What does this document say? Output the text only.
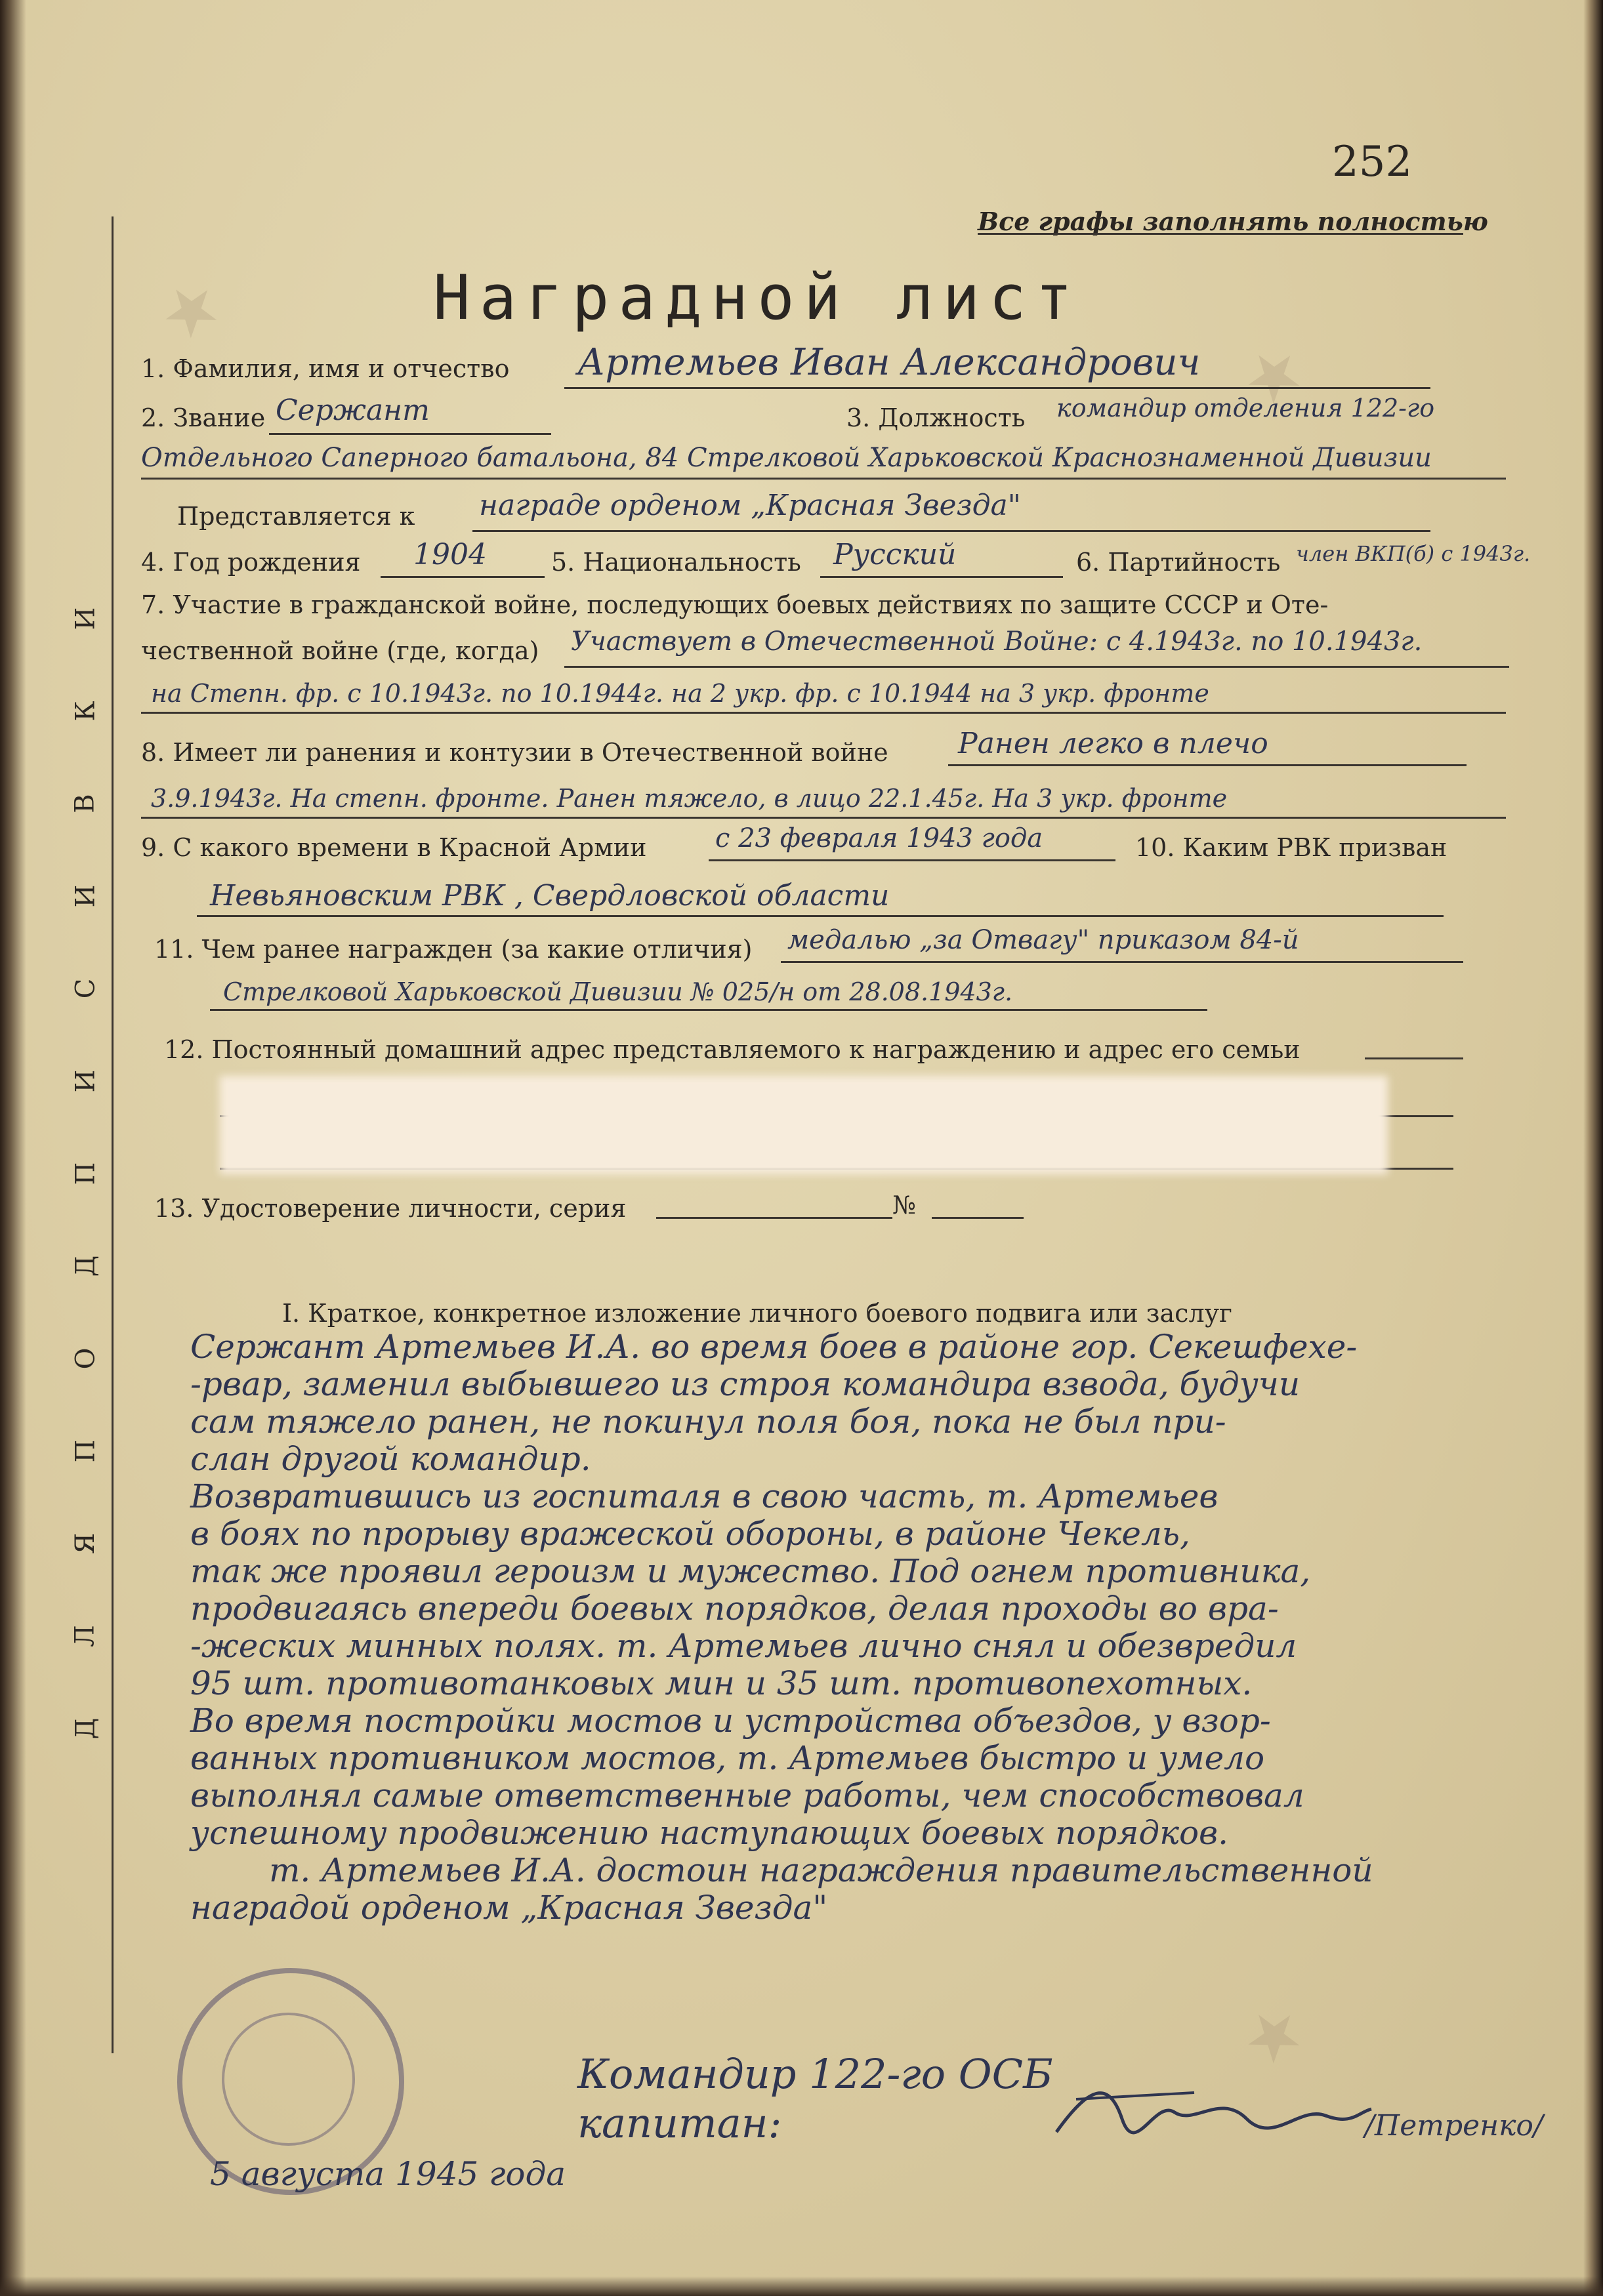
★
★
★
И
К
В
И
С
И
П
Д
О
П
Я
Л
Д
252
Все графы заполнять полностью
Наградной лист
1. Фамилия, имя и отчество Артемьев Иван Александрович
2. Звание Сержант	3. Должность командир отделения 122-го
Отдельного Саперного батальона, 84 Стрелковой Харьковской Краснознаменной Дивизии
Представляется к награде орденом „Красная Звезда"
4. Год рождения 1904	5. Национальность Русский	6. Партийность член ВКП(б) с 1943г.
7. Участие в гражданской войне, последующих боевых действиях по защите СССР и Оте-
чественной войне (где, когда) Участвует в Отечественной Войне: с 4.1943г. по 10.1943г.
на Степн. фр. с 10.1943г. по 10.1944г. на 2 укр. фр. с 10.1944 на 3 укр. фронте
8. Имеет ли ранения и контузии в Отечественной войне Ранен легко в плечо
3.9.1943г. На степн. фронте. Ранен тяжело, в лицо 22.1.45г. На 3 укр. фронте
9. С какого времени в Красной Армии	с 23 февраля 1943 года	10. Каким РВК призван
Невьяновским РВК , Свердловской области
11. Чем ранее награжден (за какие отличия) медалью „за Отвагу" приказом 84-й
Стрелковой Харьковской Дивизии № 025/н от 28.08.1943г.
12. Постоянный домашний адрес представляемого к награждению и адрес его семьи
13. Удостоверение личности, серия	№
I. Краткое, конкретное изложение личного боевого подвига или заслуг
Сержант Артемьев И.А. во время боев в районе гор. Секешфехе-
-рвар, заменил выбывшего из строя командира взвода, будучи
сам тяжело ранен, не покинул поля боя, пока не был при-
слан другой командир.
Возвратившись из госпиталя в свою часть, т. Артемьев
в боях по прорыву вражеской обороны, в районе Чекель,
так же проявил героизм и мужество. Под огнем противника,
продвигаясь впереди боевых порядков, делая проходы во вра-
-жеских минных полях. т. Артемьев лично снял и обезвредил
95 шт. противотанковых мин и 35 шт. противопехотных.
Во время постройки мостов и устройства объездов, у взор-
ванных противником мостов, т. Артемьев быстро и умело
выполнял самые ответственные работы, чем способствовал
успешному продвижению наступающих боевых порядков.
т. Артемьев И.А. достоин награждения правительственной
наградой орденом „Красная Звезда"
Командир 122-го ОСБ
капитан:	/Петренко/
5 августа 1945 года
